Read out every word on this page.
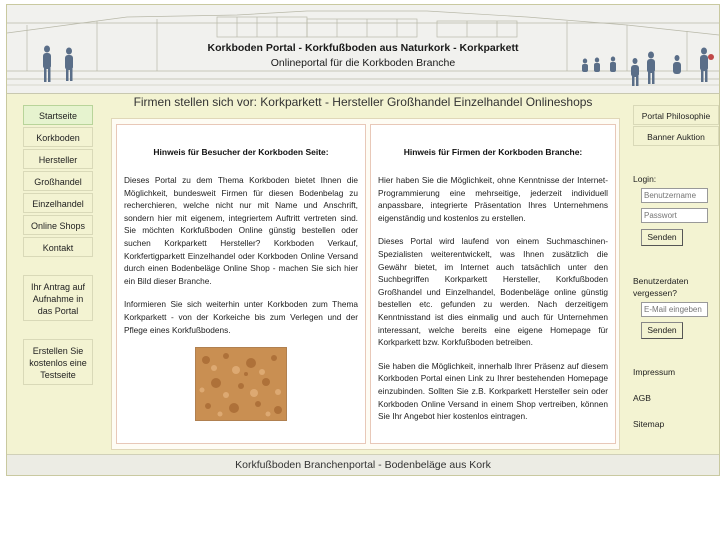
Korkboden Portal - Korkfußboden aus Naturkork - Korkparkett
Onlineportal für die Korkboden Branche
Firmen stellen sich vor: Korkparkett - Hersteller Großhandel Einzelhandel Onlineshops
Startseite
Korkboden
Hersteller
Großhandel
Einzelhandel
Online Shops
Kontakt
Ihr Antrag auf Aufnahme in das Portal
Erstellen Sie kostenlos eine Testseite
Hinweis für Besucher der Korkboden Seite:

Dieses Portal zu dem Thema Korkboden bietet Ihnen die Möglichkeit, bundesweit Firmen für diesen Bodenbelag zu recherchieren, welche nicht nur mit Name und Anschrift, sondern hier mit eigenem, integriertem Auftritt vertreten sind. Sie möchten Korkfußboden Online günstig bestellen oder suchen Korkparkett Hersteller? Korkboden Verkauf, Korkfertigparkett Einzelhandel oder Korkboden Online Versand durch einen Bodenbeläge Online Shop - machen Sie sich hier ein Bild dieser Branche.

Informieren Sie sich weiterhin unter Korkboden zum Thema Korkparkett - von der Korkeiche bis zum Verlegen und der Pflege eines Korkfußbodens.

Hinweis für Firmen der Korkboden Branche:

Hier haben Sie die Möglichkeit, ohne Kenntnisse der Internet-Programmierung eine mehrseitige, jederzeit individuell anpassbare, integrierte Präsentation Ihres Unternehmens eigenständig und kostenlos zu erstellen.

Dieses Portal wird laufend von einem Suchmaschinen-Spezialisten weiterentwickelt, was Ihnen zusätzlich die Gewähr bietet, im Internet auch tatsächlich unter den Suchbegriffen Korkparkett Hersteller, Korkfußboden Großhandel und Einzelhandel, Bodenbeläge online günstig bestellen etc. gefunden zu werden. Nach derzeitigem Kenntnisstand ist dies einmalig und auch für Unternehmen interessant, welche bereits eine eigene Homepage für Korkparkett bzw. Korkfußboden betreiben.

Sie haben die Möglichkeit, innerhalb Ihrer Präsenz auf diesem Korkboden Portal einen Link zu Ihrer bestehenden Homepage einzubinden. Sollten Sie z.B. Korkparkett Hersteller sein oder Korkboden Online Versand in einem Shop vertreiben, können Sie Ihr Angebot hier kostenlos eintragen.

Portal Philosophie
Banner Auktion
Login:
Benutzername
Senden
Benutzerdaten vergessen?
E-Mail eingeben
Senden
Impressum
AGB
Sitemap
Korkfußboden Branchenportal - Bodenbeläge aus Kork
